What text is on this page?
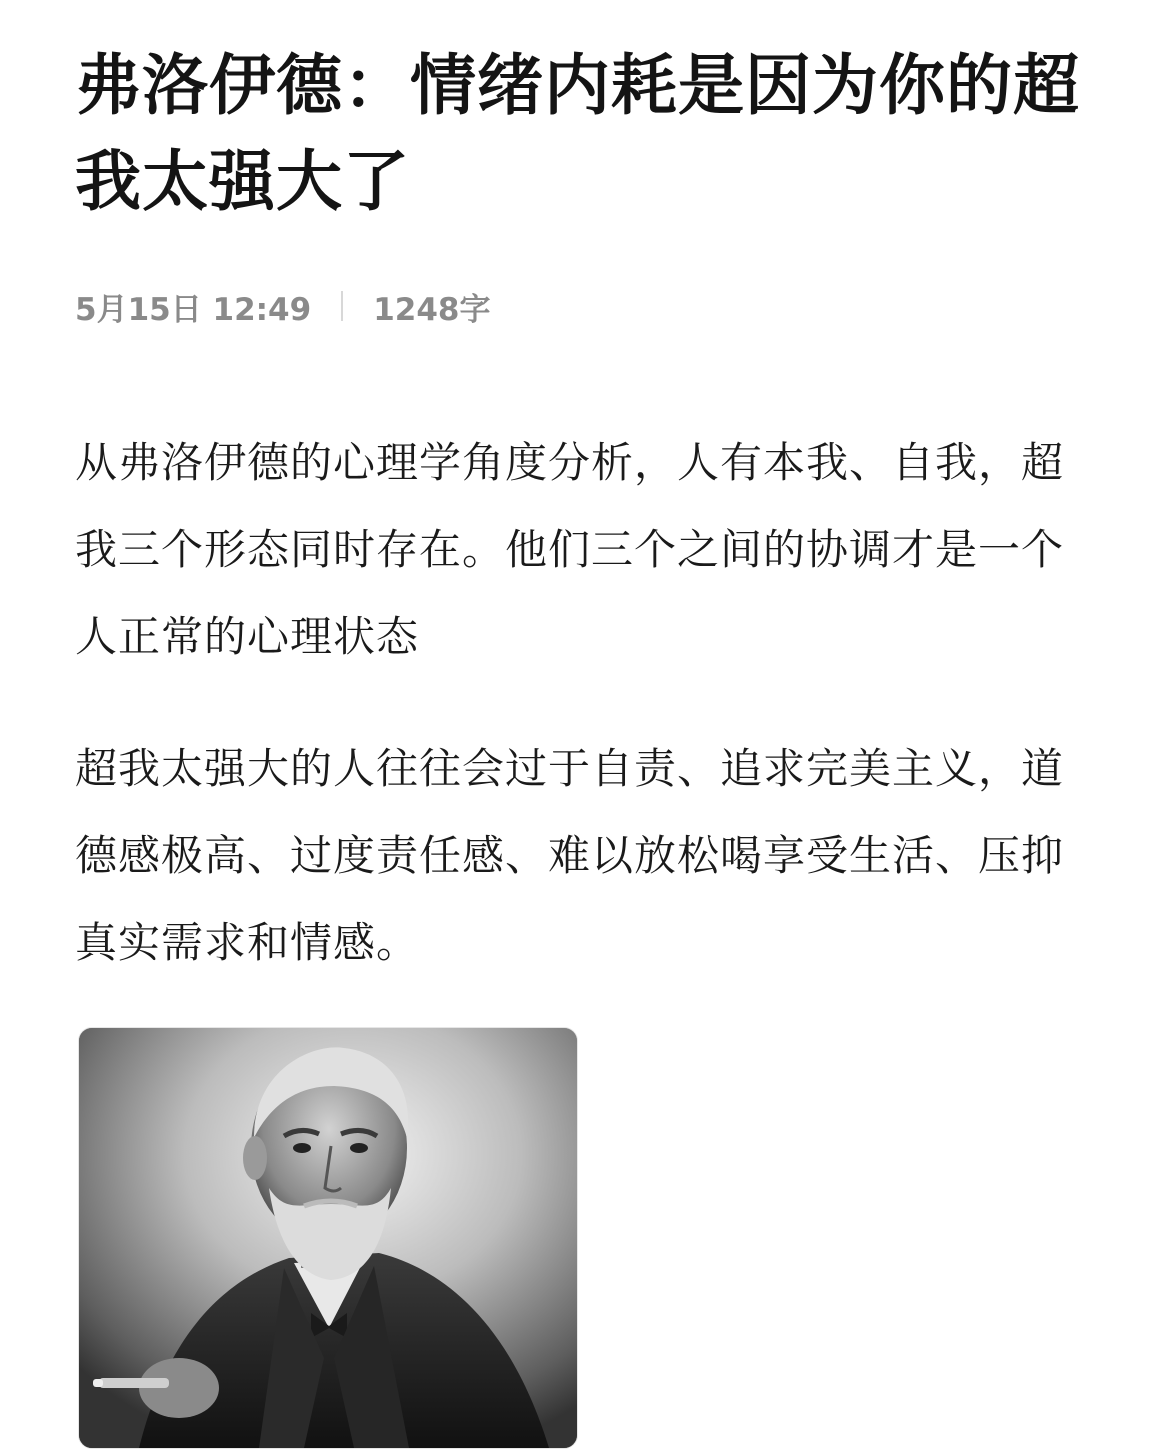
弗洛伊德：情绪内耗是因为你的超我太强大了
5月15日 12:49 1248字

从弗洛伊德的心理学角度分析，人有本我、自我，超我三个形态同时存在。他们三个之间的协调才是一个人正常的心理状态

超我太强大的人往往会过于自责、追求完美主义，道德感极高、过度责任感、难以放松喝享受生活、压抑真实需求和情感。
